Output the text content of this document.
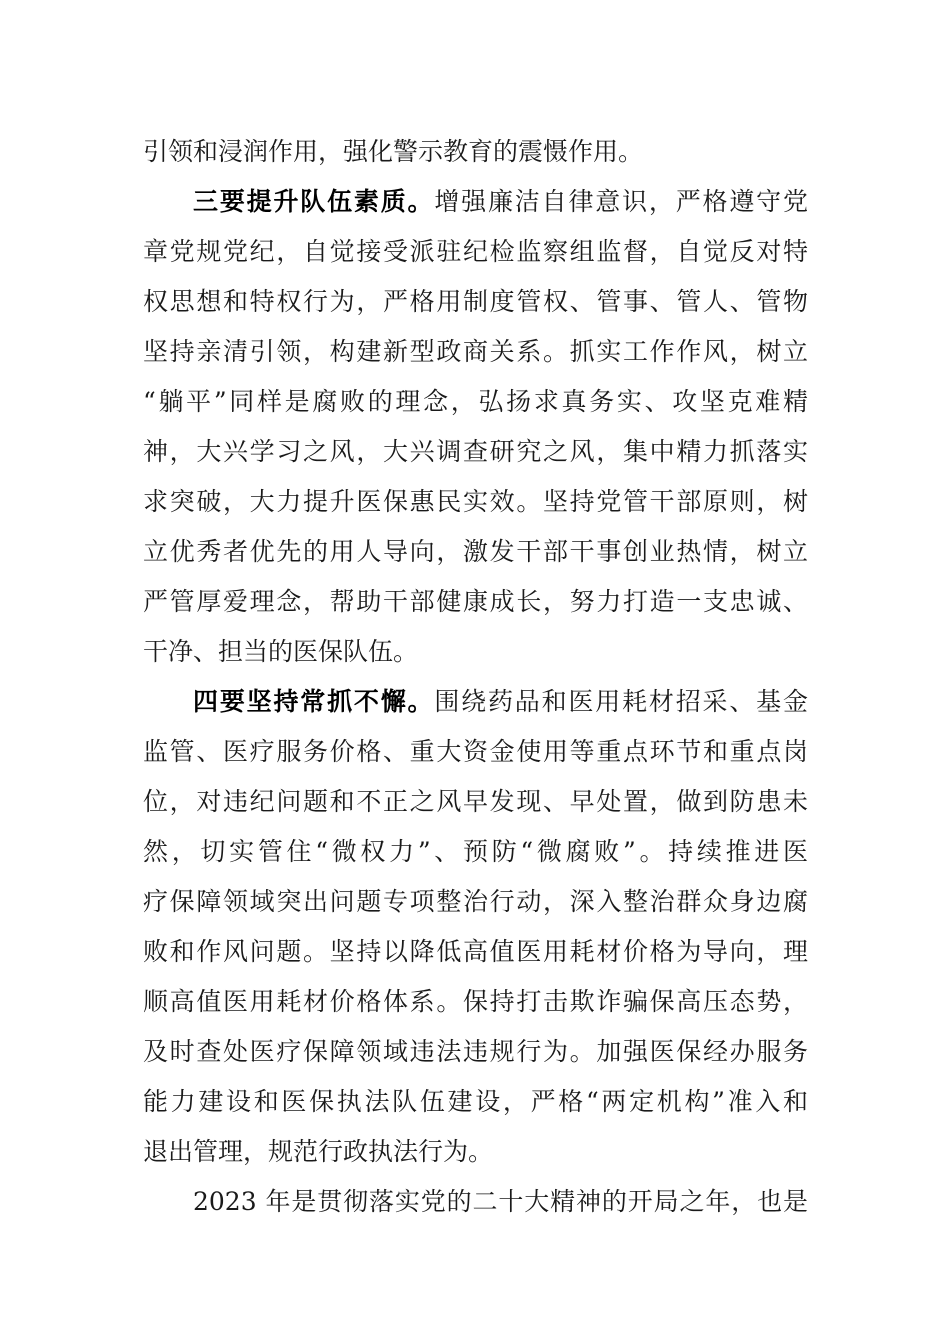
引领和浸润作用，强化警示教育的震慑作用。
三要提升队伍素质。增强廉洁自律意识，严格遵守党
章党规党纪，自觉接受派驻纪检监察组监督，自觉反对特
权思想和特权行为，严格用制度管权、管事、管人、管物
坚持亲清引领，构建新型政商关系。抓实工作作风，树立
“躺平”同样是腐败的理念，弘扬求真务实、攻坚克难精
神，大兴学习之风，大兴调查研究之风，集中精力抓落实
求突破，大力提升医保惠民实效。坚持党管干部原则，树
立优秀者优先的用人导向，激发干部干事创业热情，树立
严管厚爱理念，帮助干部健康成长，努力打造一支忠诚、
干净、担当的医保队伍。
四要坚持常抓不懈。围绕药品和医用耗材招采、基金
监管、医疗服务价格、重大资金使用等重点环节和重点岗
位，对违纪问题和不正之风早发现、早处置，做到防患未
然，切实管住“微权力”、预防“微腐败”。持续推进医
疗保障领域突出问题专项整治行动，深入整治群众身边腐
败和作风问题。坚持以降低高值医用耗材价格为导向，理
顺高值医用耗材价格体系。保持打击欺诈骗保高压态势，
及时查处医疗保障领域违法违规行为。加强医保经办服务
能力建设和医保执法队伍建设，严格“两定机构”准入和
退出管理，规范行政执法行为。
2023 年是贯彻落实党的二十大精神的开局之年，也是
